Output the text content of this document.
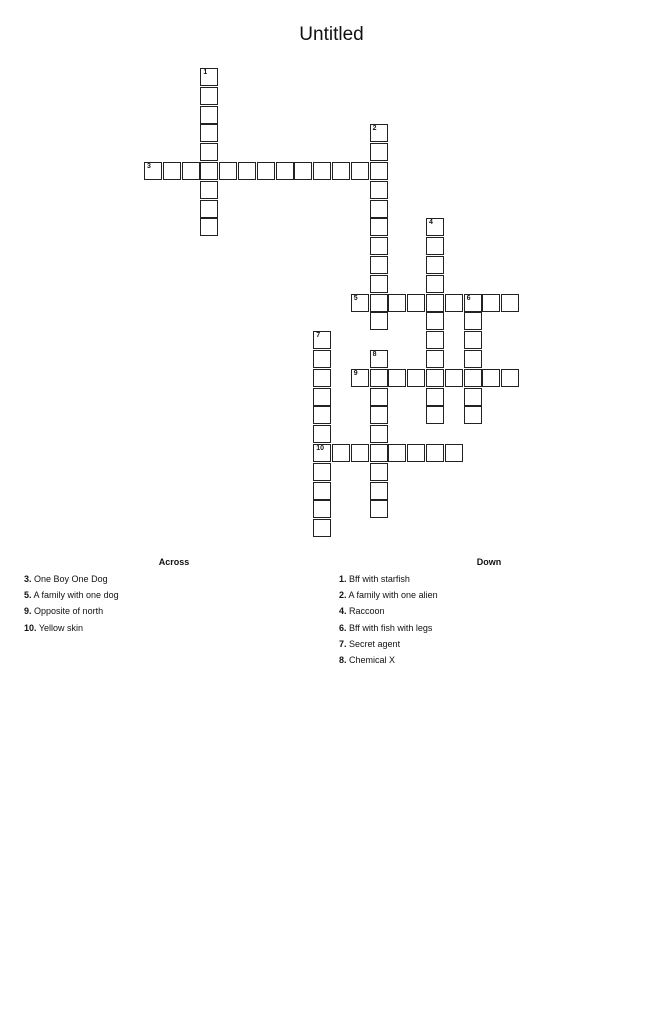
Untitled
1
2
3
4
5	6
7
10
8
9
Across
3. One Boy One Dog
5. A family with one dog
9. Opposite of north
10. Yellow skin
Down
1. Bff with starfish
2. A family with one alien
4. Raccoon
6. Bff with fish with legs
7. Secret agent
8. Chemical X
